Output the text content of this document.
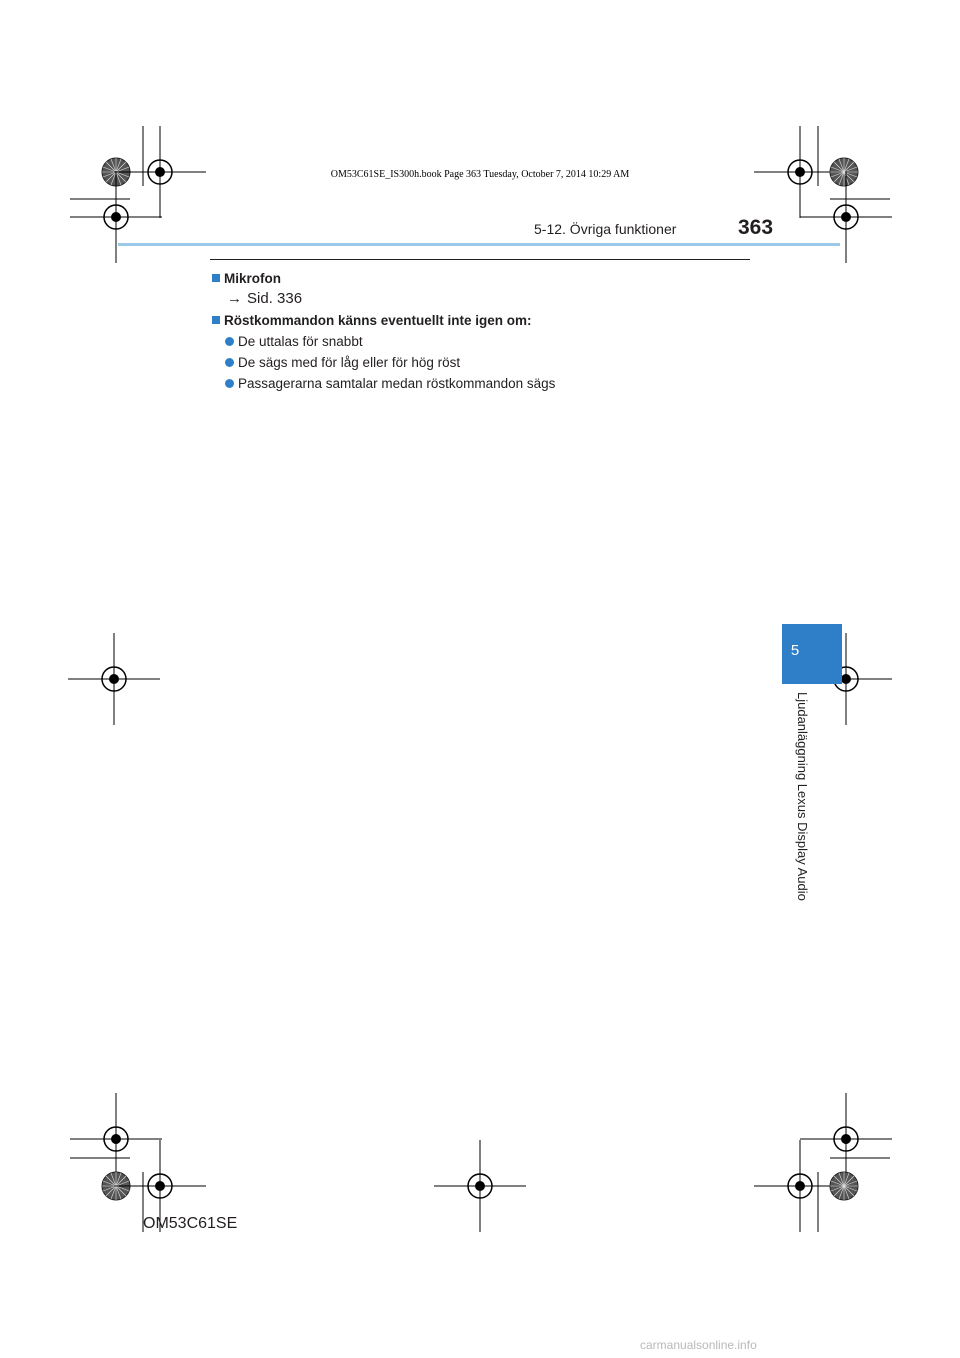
OM53C61SE_IS300h.book Page 363 Tuesday, October 7, 2014 10:29 AM
5-12. Övriga funktioner	363
Mikrofon
→ Sid. 336
Röstkommandon känns eventuellt inte igen om:
De uttalas för snabbt
De sägs med för låg eller för hög röst
Passagerarna samtalar medan röstkommandon sägs
5
Ljudanläggning Lexus Display Audio
OM53C61SE
carmanualsonline.info
